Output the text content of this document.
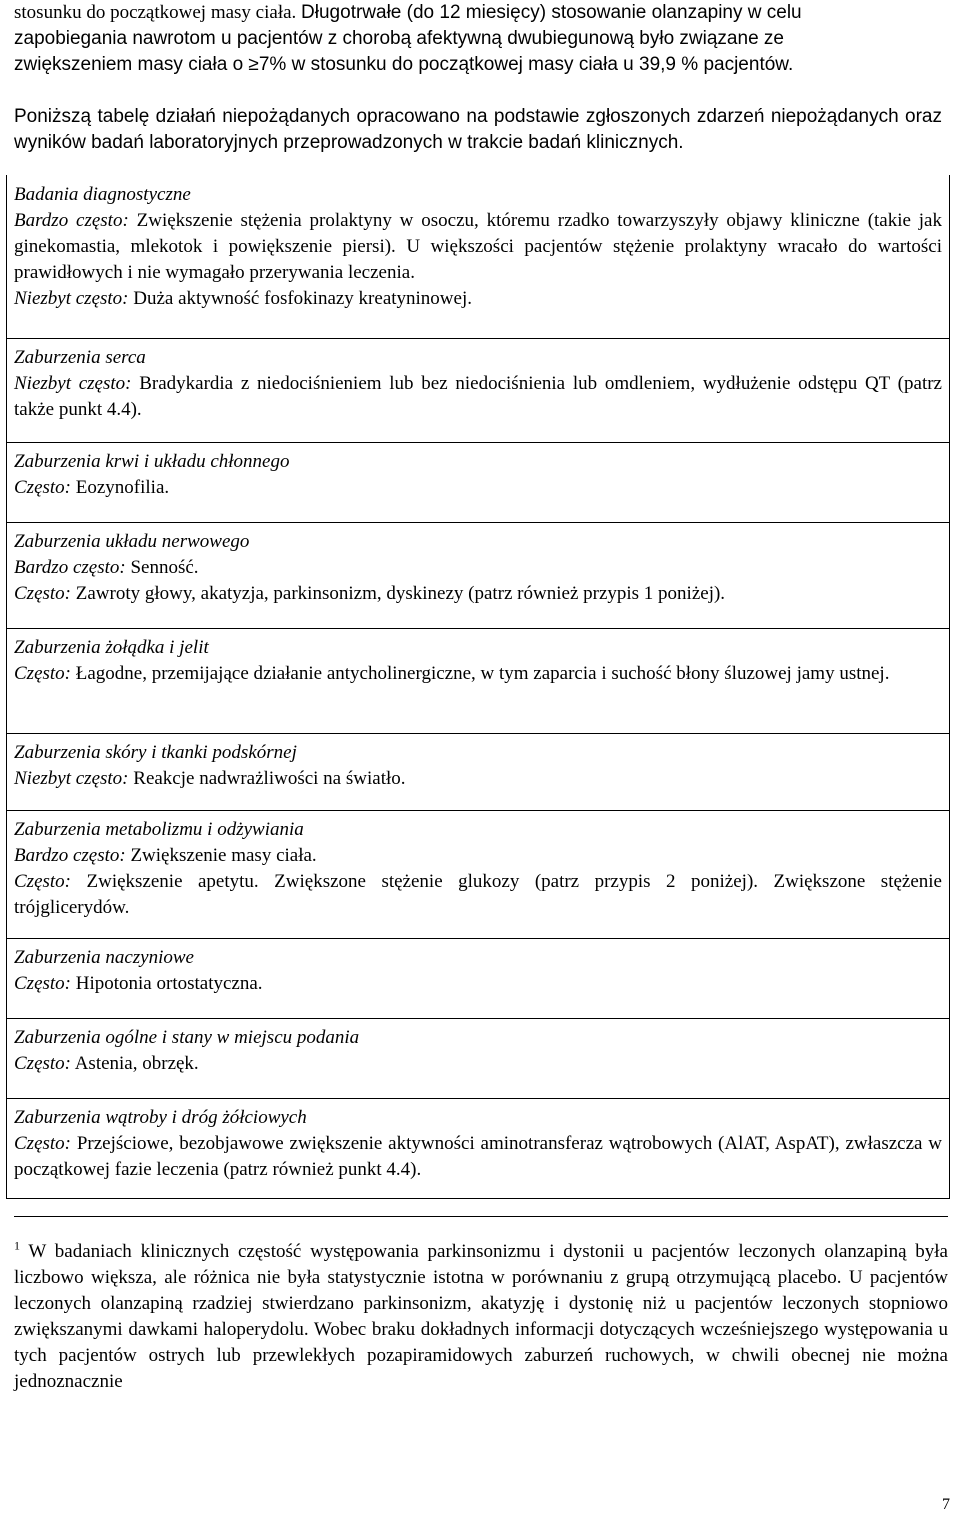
stosunku do początkowej masy ciała. Długotrwałe (do 12 miesięcy) stosowanie olanzapiny w celu
zapobiegania nawrotom u pacjentów z chorobą afektywną dwubiegunową było związane ze
zwiększeniem masy ciała o ≥7% w stosunku do początkowej masy ciała u 39,9 % pacjentów.
Poniższą tabelę działań niepożądanych opracowano na podstawie zgłoszonych zdarzeń niepożądanych oraz wyników badań laboratoryjnych przeprowadzonych w trakcie badań klinicznych.
Badania diagnostyczne
Bardzo często: Zwiększenie stężenia prolaktyny w osoczu, któremu rzadko towarzyszyły objawy kliniczne (takie jak ginekomastia, mlekotok i powiększenie piersi). U większości pacjentów stężenie prolaktyny wracało do wartości prawidłowych i nie wymagało przerywania leczenia.
Niezbyt często: Duża aktywność fosfokinazy kreatyninowej.
Zaburzenia serca
Niezbyt często: Bradykardia z niedociśnieniem lub bez niedociśnienia lub omdleniem, wydłużenie odstępu QT (patrz także punkt 4.4).
Zaburzenia krwi i układu chłonnego
Często: Eozynofilia.
Zaburzenia układu nerwowego
Bardzo często: Senność.
Często: Zawroty głowy, akatyzja, parkinsonizm, dyskinezy (patrz również przypis 1 poniżej).
Zaburzenia żołądka i jelit
Często: Łagodne, przemijające działanie antycholinergiczne, w tym zaparcia i suchość błony śluzowej jamy ustnej.
Zaburzenia skóry i tkanki podskórnej
Niezbyt często: Reakcje nadwrażliwości na światło.
Zaburzenia metabolizmu i odżywiania
Bardzo często: Zwiększenie masy ciała.
Często: Zwiększenie apetytu. Zwiększone stężenie glukozy (patrz przypis 2 poniżej). Zwiększone stężenie trójglicerydów.
Zaburzenia naczyniowe
Często: Hipotonia ortostatyczna.
Zaburzenia ogólne i stany w miejscu podania
Często: Astenia, obrzęk.
Zaburzenia wątroby i dróg żółciowych
Często: Przejściowe, bezobjawowe zwiększenie aktywności aminotransferaz wątrobowych (AlAT, AspAT), zwłaszcza w początkowej fazie leczenia (patrz również punkt 4.4).
$^1$ W badaniach klinicznych częstość występowania parkinsonizmu i dystonii u pacjentów leczonych olanzapiną była liczbowo większa, ale różnica nie była statystycznie istotna w porównaniu z grupą otrzymującą placebo. U pacjentów leczonych olanzapiną rzadziej stwierdzano parkinsonizm, akatyzję i dystonię niż u pacjentów leczonych stopniowo zwiększanymi dawkami haloperydolu. Wobec braku dokładnych informacji dotyczących wcześniejszego występowania u tych pacjentów ostrych lub przewlekłych pozapiramidowych zaburzeń ruchowych, w chwili obecnej nie można jednoznacznie
7
